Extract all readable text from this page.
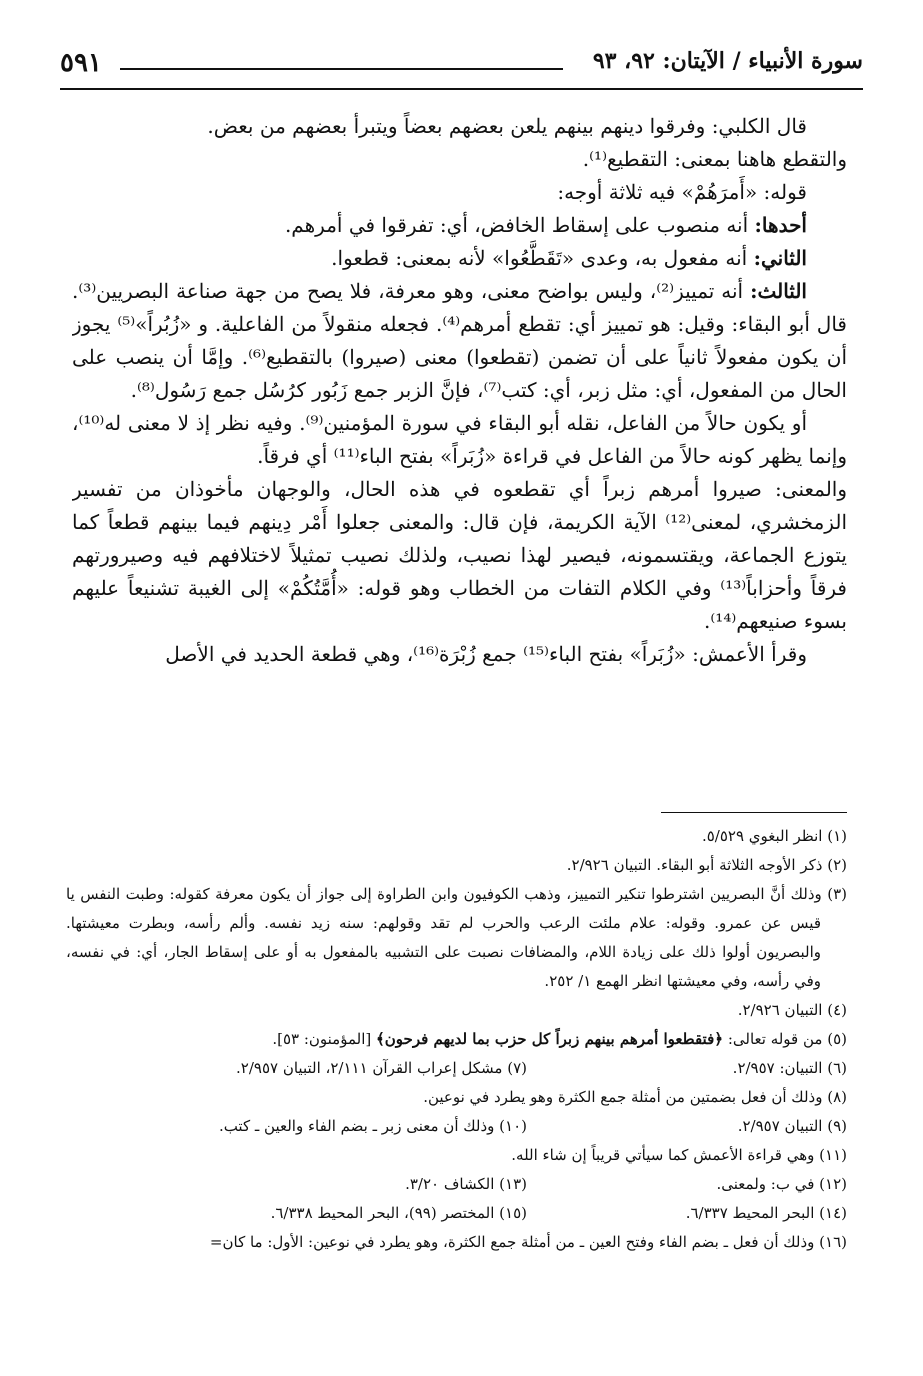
سورة الأنبياء / الآيتان: ٩٢، ٩٣
٥٩١

قال الكلبي: وفرقوا دينهم بينهم يلعن بعضهم بعضاً ويتبرأ بعضهم من بعض.

والتقطع هاهنا بمعنى: التقطيع⁽¹⁾.

قوله: «أَمرَهُمْ» فيه ثلاثة أوجه:

أحدها: أنه منصوب على إسقاط الخافض، أي: تفرقوا في أمرهم.

الثاني: أنه مفعول به، وعدى «تَقَطَّعُوا» لأنه بمعنى: قطعوا.

الثالث: أنه تمييز⁽²⁾، وليس بواضح معنى، وهو معرفة، فلا يصح من جهة صناعة البصريين⁽³⁾. قال أبو البقاء: وقيل: هو تمييز أي: تقطع أمرهم⁽⁴⁾. فجعله منقولاً من الفاعلية. و «زُبُراً»⁽⁵⁾ يجوز أن يكون مفعولاً ثانياً على أن تضمن (تقطعوا) معنى (صيروا) بالتقطيع⁽⁶⁾. وإمَّا أن ينصب على الحال من المفعول، أي: مثل زبر، أي: كتب⁽⁷⁾، فإنَّ الزبر جمع زَبُور كرُسُل جمع رَسُول⁽⁸⁾.

أو يكون حالاً من الفاعل، نقله أبو البقاء في سورة المؤمنين⁽⁹⁾. وفيه نظر إذ لا معنى له⁽¹⁰⁾، وإنما يظهر كونه حالاً من الفاعل في قراءة «زُبَراً» بفتح الباء⁽¹¹⁾ أي فرقاً.

والمعنى: صيروا أمرهم زبراً أي تقطعوه في هذه الحال، والوجهان مأخوذان من تفسير الزمخشري، لمعنى⁽¹²⁾ الآية الكريمة، فإن قال: والمعنى جعلوا أَمْر دِينهم فيما بينهم قطعاً كما يتوزع الجماعة، ويقتسمونه، فيصير لهذا نصيب، ولذلك نصيب تمثيلاً لاختلافهم فيه وصيرورتهم فرقاً وأحزاباً⁽¹³⁾ وفي الكلام التفات من الخطاب وهو قوله: «أُمَّتُكُمْ» إلى الغيبة تشنيعاً عليهم بسوء صنيعهم⁽¹⁴⁾.

وقرأ الأعمش: «زُبَراً» بفتح الباء⁽¹⁵⁾ جمع زُبْرَة⁽¹⁶⁾، وهي قطعة الحديد في الأصل

(١) انظر البغوي ٥/٥٢٩.

(٢) ذكر الأوجه الثلاثة أبو البقاء. التبيان ٢/٩٢٦.

(٣) وذلك أنَّ البصريين اشترطوا تنكير التمييز، وذهب الكوفيون وابن الطراوة إلى جواز أن يكون معرفة كقوله: وطبت النفس يا قيس عن عمرو. وقوله: علام ملئت الرعب والحرب لم تقد وقولهم: سنه زيد نفسه. وألم رأسه، وبطرت معيشتها. والبصريون أولوا ذلك على زيادة اللام، والمضافات نصبت على التشبيه بالمفعول به أو على إسقاط الجار، أي: في نفسه، وفي رأسه، وفي معيشتها انظر الهمع ١/ ٢٥٢.

(٤) التبيان ٢/٩٢٦.

(٥) من قوله تعالى: ﴿فتقطعوا أمرهم بينهم زبراً كل حزب بما لديهم فرحون﴾ [المؤمنون: ٥٣].

(٦) التبيان: ٢/٩٥٧.
(٧) مشكل إعراب القرآن ٢/١١١، التبيان ٢/٩٥٧.

(٨) وذلك أن فعل بضمتين من أمثلة جمع الكثرة وهو يطرد في نوعين.

(٩) التبيان ٢/٩٥٧.
(١٠) وذلك أن معنى زبر ـ بضم الفاء والعين ـ كتب.

(١١) وهي قراءة الأعمش كما سيأتي قريباً إن شاء الله.

(١٢) في ب: ولمعنى.
(١٣) الكشاف ٣/٢٠.
(١٤) البحر المحيط ٦/٣٣٧.
(١٥) المختصر (٩٩)، البحر المحيط ٦/٣٣٨.

(١٦) وذلك أن فعل ـ بضم الفاء وفتح العين ـ من أمثلة جمع الكثرة، وهو يطرد في نوعين: الأول: ما كان=
